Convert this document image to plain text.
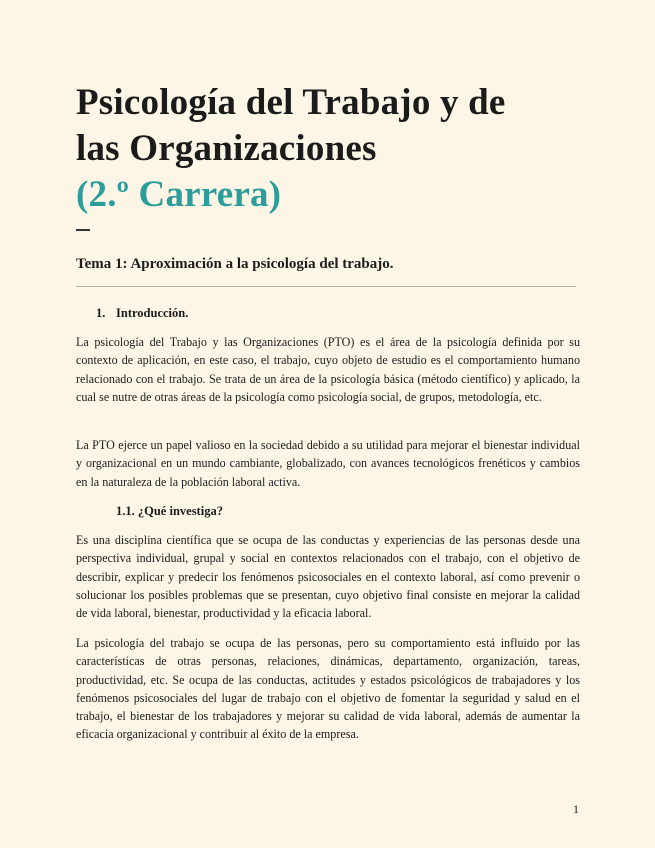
Psicología del Trabajo y de
las Organizaciones
(2.º Carrera)
Tema 1: Aproximación a la psicología del trabajo.
1. Introducción.

La psicología del Trabajo y las Organizaciones (PTO) es el área de la psicología definida por su contexto de aplicación, en este caso, el trabajo, cuyo objeto de estudio es el comportamiento humano relacionado con el trabajo. Se trata de un área de la psicología básica (método científico) y aplicado, la cual se nutre de otras áreas de la psicología como psicología social, de grupos, metodología, etc.

La PTO ejerce un papel valioso en la sociedad debido a su utilidad para mejorar el bienestar individual y organizacional en un mundo cambiante, globalizado, con avances tecnológicos frenéticos y cambios en la naturaleza de la población laboral activa.

1.1. ¿Qué investiga?

Es una disciplina científica que se ocupa de las conductas y experiencias de las personas desde una perspectiva individual, grupal y social en contextos relacionados con el trabajo, con el objetivo de describir, explicar y predecir los fenómenos psicosociales en el contexto laboral, así como prevenir o solucionar los posibles problemas que se presentan, cuyo objetivo final consiste en mejorar la calidad de vida laboral, bienestar, productividad y la eficacia laboral.

La psicología del trabajo se ocupa de las personas, pero su comportamiento está influido por las características de otras personas, relaciones, dinámicas, departamento, organización, tareas, productividad, etc. Se ocupa de las conductas, actitudes y estados psicológicos de trabajadores y los fenómenos psicosociales del lugar de trabajo con el objetivo de fomentar la seguridad y salud en el trabajo, el bienestar de los trabajadores y mejorar su calidad de vida laboral, además de aumentar la eficacia organizacional y contribuir al éxito de la empresa.

1
